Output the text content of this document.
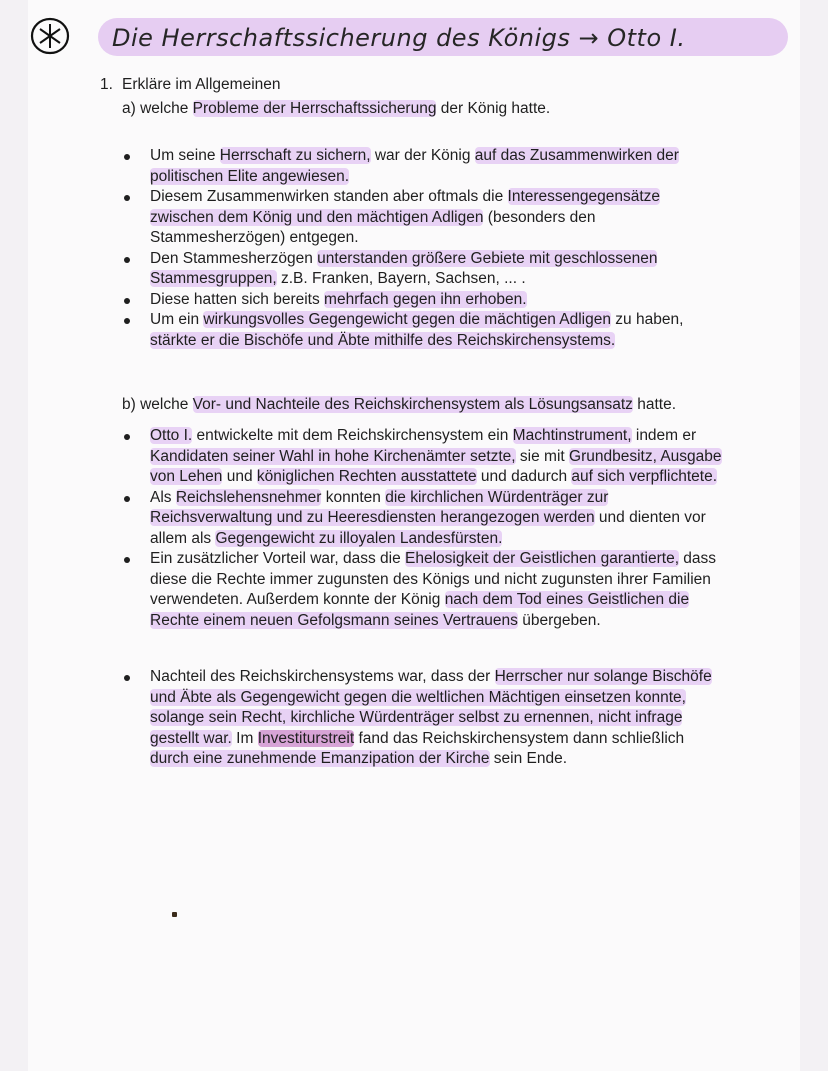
Die Herrschaftssicherung des Königs → Otto I.
1. Erkläre im Allgemeinen
a) welche Probleme der Herrschaftssicherung der König hatte.
Um seine Herrschaft zu sichern, war der König auf das Zusammenwirken der politischen Elite angewiesen.
Diesem Zusammenwirken standen aber oftmals die Interessengegensätze zwischen dem König und den mächtigen Adligen (besonders den Stammesherzögen) entgegen.
Den Stammesherzögen unterstanden größere Gebiete mit geschlossenen Stammesgruppen, z.B. Franken, Bayern, Sachsen, ... .
Diese hatten sich bereits mehrfach gegen ihn erhoben.
Um ein wirkungsvolles Gegengewicht gegen die mächtigen Adligen zu haben, stärkte er die Bischöfe und Äbte mithilfe des Reichskirchensystems.
b) welche Vor- und Nachteile des Reichskirchensystem als Lösungsansatz hatte.
Otto I. entwickelte mit dem Reichskirchensystem ein Machtinstrument, indem er Kandidaten seiner Wahl in hohe Kirchenämter setzte, sie mit Grundbesitz, Ausgabe von Lehen und königlichen Rechten ausstattete und dadurch auf sich verpflichtete.
Als Reichslehensnehmer konnten die kirchlichen Würdenträger zur Reichsverwaltung und zu Heeresdiensten herangezogen werden und dienten vor allem als Gegengewicht zu illoyalen Landesfürsten.
Ein zusätzlicher Vorteil war, dass die Ehelosigkeit der Geistlichen garantierte, dass diese die Rechte immer zugunsten des Königs und nicht zugunsten ihrer Familien verwendeten. Außerdem konnte der König nach dem Tod eines Geistlichen die Rechte einem neuen Gefolgsmann seines Vertrauens übergeben.
Nachteil des Reichskirchensystems war, dass der Herrscher nur solange Bischöfe und Äbte als Gegengewicht gegen die weltlichen Mächtigen einsetzen konnte, solange sein Recht, kirchliche Würdenträger selbst zu ernennen, nicht infrage gestellt war. Im Investiturstreit fand das Reichskirchensystem dann schließlich durch eine zunehmende Emanzipation der Kirche sein Ende.
